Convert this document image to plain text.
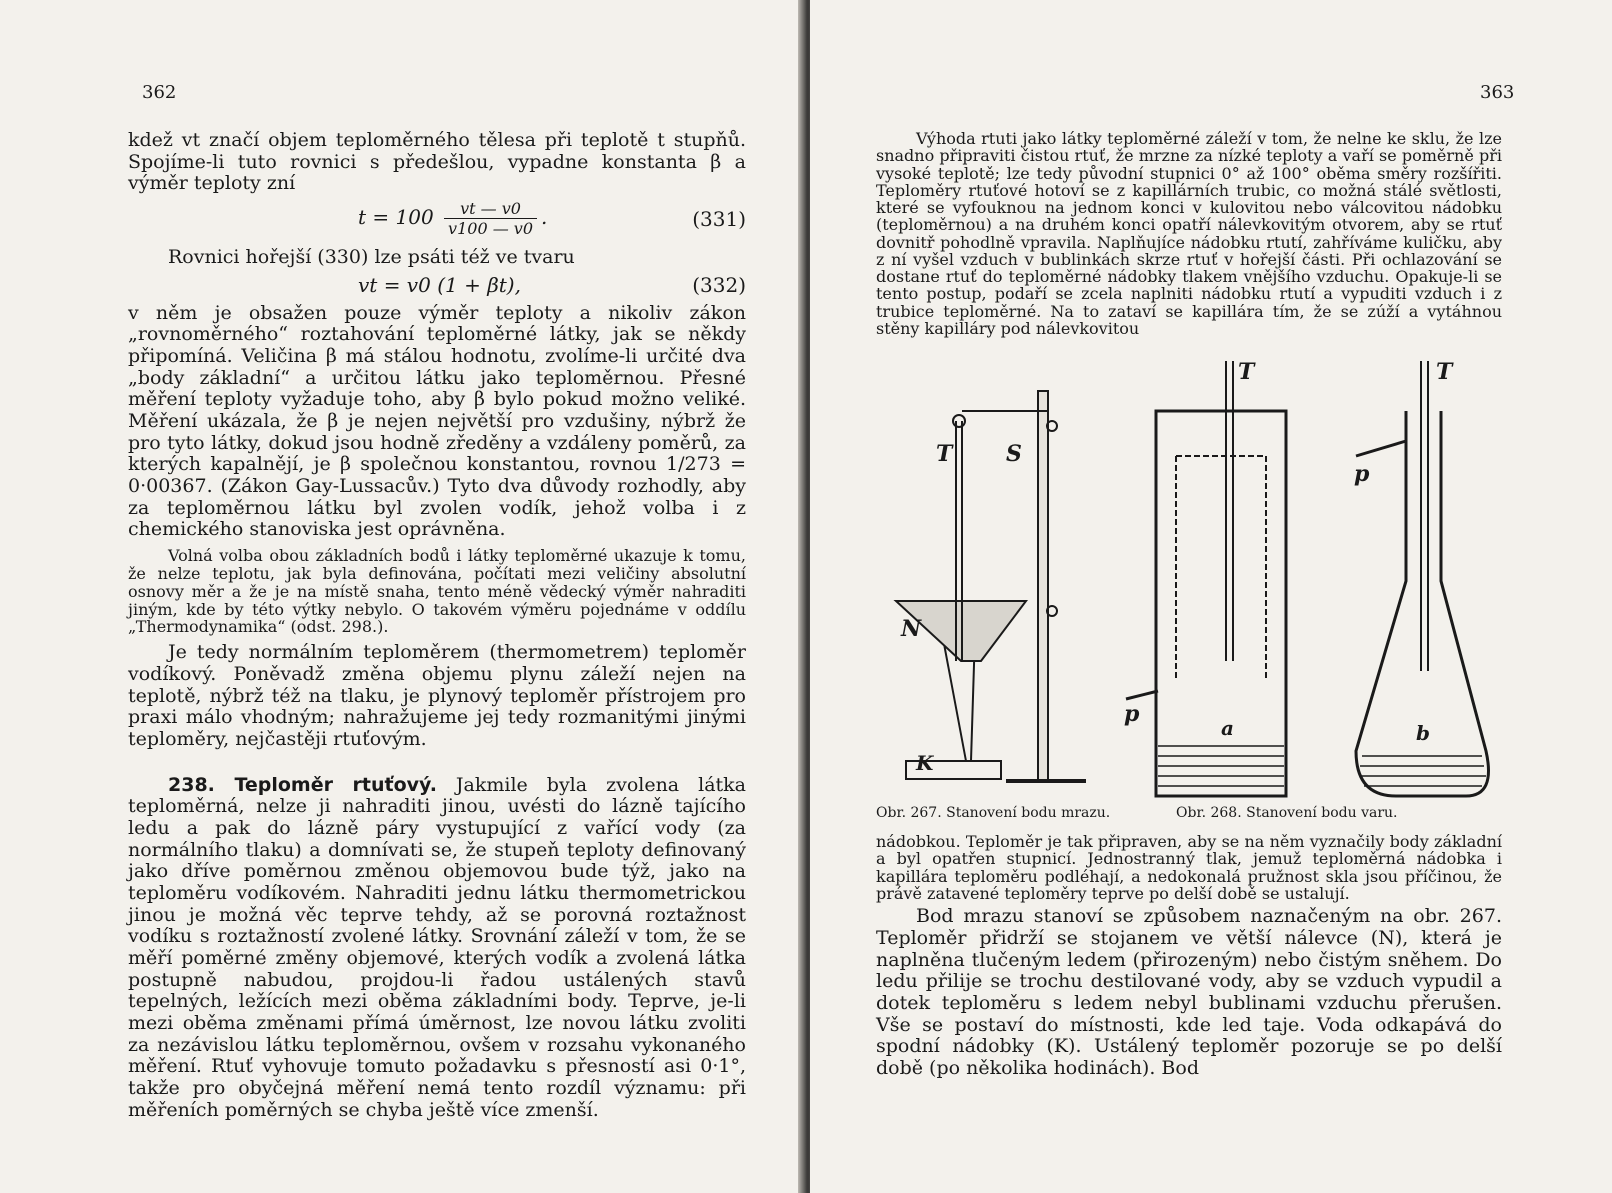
362

kdež vt značí objem teploměrného tělesa při teplotě t stupňů. Spojíme-li tuto rovnici s předešlou, vypadne konstanta β a výměr teploty zní

$t = 100 \frac{vt — v0}{v100 — v0}$ .	(331)

Rovnici hořejší (330) lze psáti též ve tvaru

vt = v0 (1 + βt),	(332)

v něm je obsažen pouze výměr teploty a nikoliv zákon „rovnoměrného“ roztahování teploměrné látky, jak se někdy připomíná. Veličina β má stálou hodnotu, zvolíme-li určité dva „body základní“ a určitou látku jako teploměrnou. Přesné měření teploty vyžaduje toho, aby β bylo pokud možno veliké. Měření ukázala, že β je nejen největší pro vzdušiny, nýbrž že pro tyto látky, dokud jsou hodně zředěny a vzdáleny poměrů, za kterých kapalnějí, je β společnou konstantou, rovnou 1/273 = 0·00367. (Zákon Gay-Lussacův.) Tyto dva důvody rozhodly, aby za teploměrnou látku byl zvolen vodík, jehož volba i z chemického stanoviska jest oprávněna.

Volná volba obou základních bodů i látky teploměrné ukazuje k tomu, že nelze teplotu, jak byla definována, počítati mezi veličiny absolutní osnovy měr a že je na místě snaha, tento méně vědecký výměr nahraditi jiným, kde by této výtky nebylo. O takovém výměru pojednáme v oddílu „Thermodynamika“ (odst. 298.).

Je tedy normálním teploměrem (thermometrem) teploměr vodíkový. Poněvadž změna objemu plynu záleží nejen na teplotě, nýbrž též na tlaku, je plynový teploměr přístrojem pro praxi málo vhodným; nahražujeme jej tedy rozmanitými jinými teploměry, nejčastěji rtuťovým.

238. Teploměr rtuťový. Jakmile byla zvolena látka teploměrná, nelze ji nahraditi jinou, uvésti do lázně tajícího ledu a pak do lázně páry vystupující z vařící vody (za normálního tlaku) a domnívati se, že stupeň teploty definovaný jako dříve poměrnou změnou objemovou bude týž, jako na teploměru vodíkovém. Nahraditi jednu látku thermometrickou jinou je možná věc teprve tehdy, až se porovná roztažnost vodíku s roztažností zvolené látky. Srovnání záleží v tom, že se měří poměrné změny objemové, kterých vodík a zvolená látka postupně nabudou, projdou-li řadou ustálených stavů tepelných, ležících mezi oběma základními body. Teprve, je-li mezi oběma změnami přímá úměrnost, lze novou látku zvoliti za nezávislou látku teploměrnou, ovšem v rozsahu vykonaného měření. Rtuť vyhovuje tomuto požadavku s přesností asi 0·1°, takže pro obyčejná měření nemá tento rozdíl významu: při měřeních poměrných se chyba ještě více zmenší.

363

Výhoda rtuti jako látky teploměrné záleží v tom, že nelne ke sklu, že lze snadno připraviti čistou rtuť, že mrzne za nízké teploty a vaří se poměrně při vysoké teplotě; lze tedy původní stupnici 0° až 100° oběma směry rozšířiti. Teploměry rtuťové hotoví se z kapillárních trubic, co možná stálé světlosti, které se vyfouknou na jednom konci v kulovitou nebo válcovitou nádobku (teploměrnou) a na druhém konci opatří nálevkovitým otvorem, aby se rtuť dovnitř pohodlně vpravila. Naplňujíce nádobku rtutí, zahříváme kuličku, aby z ní vyšel vzduch v bublinkách skrze rtuť v hořejší části. Při ochlazování se dostane rtuť do teploměrné nádobky tlakem vnějšího vzduchu. Opakuje-li se tento postup, podaří se zcela naplniti nádobku rtutí a vypuditi vzduch i z trubice teploměrné. Na to zataví se kapillára tím, že se zúží a vytáhnou stěny kapilláry pod nálevkovitou

T S
N
K
T
p
a
T
p
b
Obr. 267. Stanovení bodu mrazu.	Obr. 268. Stanovení bodu varu.

nádobkou. Teploměr je tak připraven, aby se na něm vyznačily body základní a byl opatřen stupnicí. Jednostranný tlak, jemuž teploměrná nádobka i kapillára teploměru podléhají, a nedokonalá pružnost skla jsou příčinou, že právě zatavené teploměry teprve po delší době se ustalují.

Bod mrazu stanoví se způsobem naznačeným na obr. 267. Teploměr přidrží se stojanem ve větší nálevce (N), která je naplněna tlučeným ledem (přirozeným) nebo čistým sněhem. Do ledu přilije se trochu destilované vody, aby se vzduch vypudil a dotek teploměru s ledem nebyl bublinami vzduchu přerušen. Vše se postaví do místnosti, kde led taje. Voda odkapává do spodní nádobky (K). Ustálený teploměr pozoruje se po delší době (po několika hodinách). Bod
